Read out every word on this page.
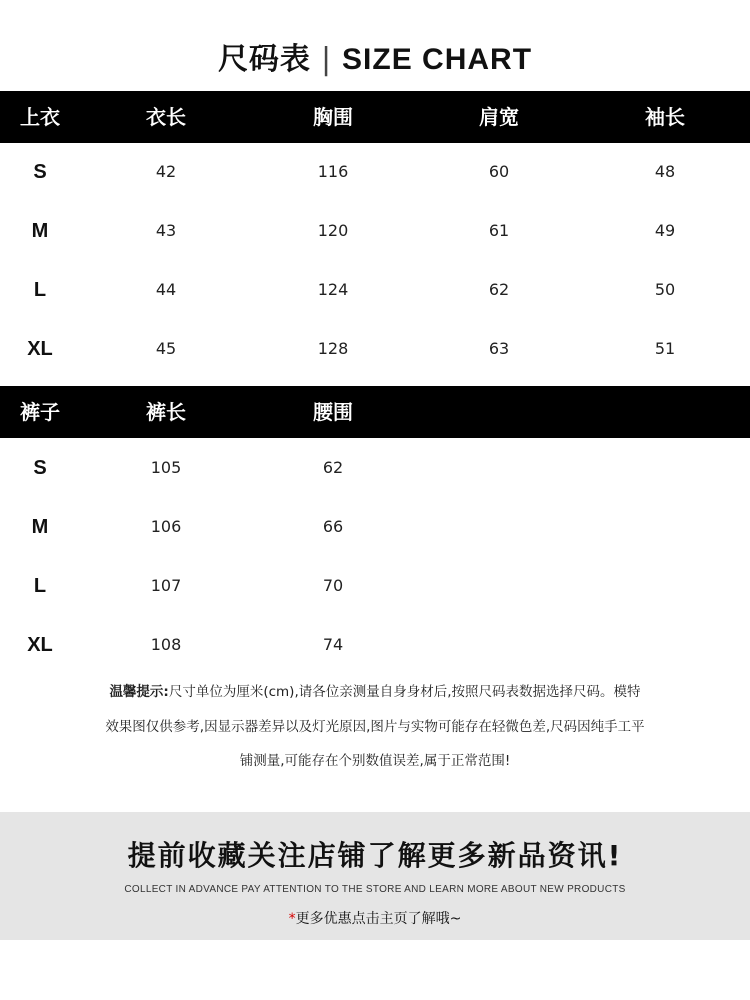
尺码表 | SIZE CHART
上衣	衣长	胸围	肩宽	袖长
S	42	116	60	48
M	43	120	61	49
L	44	124	62	50
XL	45	128	63	51
裤子	裤长	腰围
S	105	62
M	106	66
L	107	70
XL	108	74
温馨提示:尺寸单位为厘米(cm),请各位亲测量自身身材后,按照尺码表数据选择尺码。模特
效果图仅供参考,因显示器差异以及灯光原因,图片与实物可能存在轻微色差,尺码因纯手工平
铺测量,可能存在个别数值误差,属于正常范围!
提前收藏关注店铺了解更多新品资讯!
COLLECT IN ADVANCE PAY ATTENTION TO THE STORE AND LEARN MORE ABOUT NEW PRODUCTS
*更多优惠点击主页了解哦~
